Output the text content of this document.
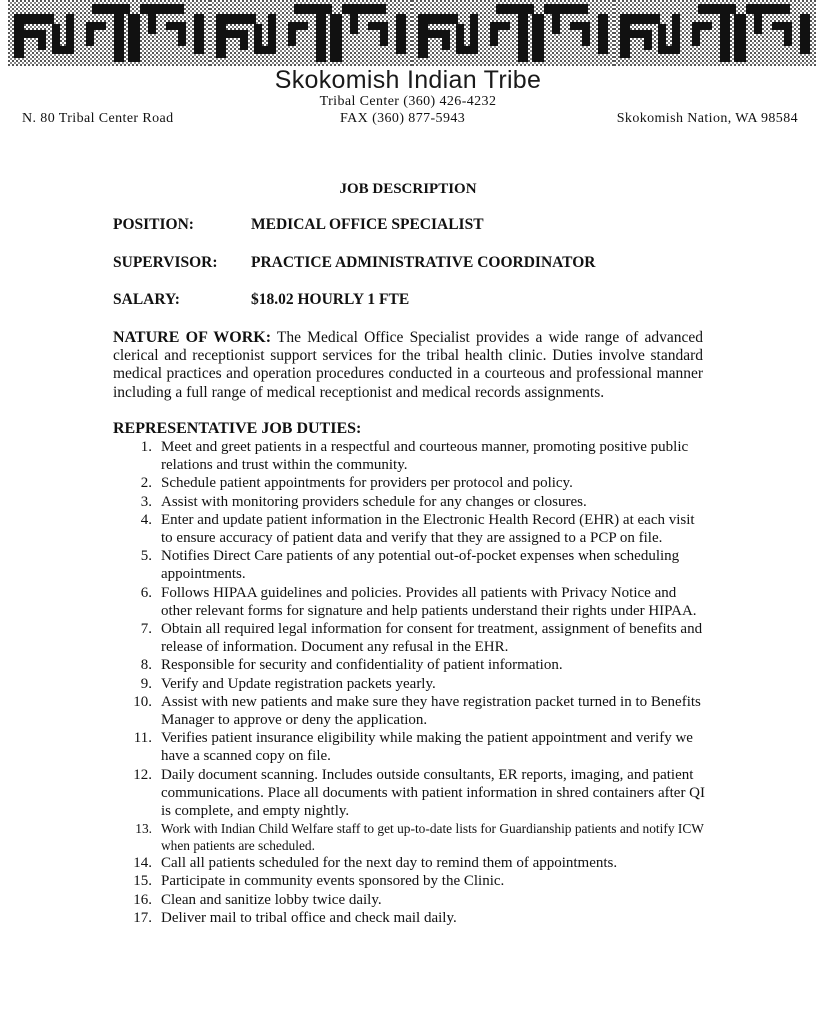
Skokomish Indian Tribe
Tribal Center (360) 426-4232
N. 80 Tribal Center Road	FAX (360) 877-5943	Skokomish Nation, WA 98584
JOB DESCRIPTION
POSITION:	MEDICAL OFFICE SPECIALIST
SUPERVISOR: PRACTICE ADMINISTRATIVE COORDINATOR
SALARY:	$18.02 HOURLY 1 FTE
NATURE OF WORK: The Medical Office Specialist provides a wide range of advanced clerical and receptionist support services for the tribal health clinic. Duties involve standard medical practices and operation procedures conducted in a courteous and professional manner including a full range of medical receptionist and medical records assignments.
REPRESENTATIVE JOB DUTIES:
1. Meet and greet patients in a respectful and courteous manner, promoting positive public relations and trust within the community.
2. Schedule patient appointments for providers per protocol and policy.
3. Assist with monitoring providers schedule for any changes or closures.
4. Enter and update patient information in the Electronic Health Record (EHR) at each visit to ensure accuracy of patient data and verify that they are assigned to a PCP on file.
5. Notifies Direct Care patients of any potential out-of-pocket expenses when scheduling appointments.
6. Follows HIPAA guidelines and policies. Provides all patients with Privacy Notice and other relevant forms for signature and help patients understand their rights under HIPAA.
7. Obtain all required legal information for consent for treatment, assignment of benefits and release of information. Document any refusal in the EHR.
8. Responsible for security and confidentiality of patient information.
9. Verify and Update registration packets yearly.
10. Assist with new patients and make sure they have registration packet turned in to Benefits Manager to approve or deny the application.
11. Verifies patient insurance eligibility while making the patient appointment and verify we have a scanned copy on file.
12. Daily document scanning. Includes outside consultants, ER reports, imaging, and patient communications. Place all documents with patient information in shred containers after QI is complete, and empty nightly.
13. Work with Indian Child Welfare staff to get up-to-date lists for Guardianship patients and notify ICW when patients are scheduled.
14. Call all patients scheduled for the next day to remind them of appointments.
15. Participate in community events sponsored by the Clinic.
16. Clean and sanitize lobby twice daily.
17. Deliver mail to tribal office and check mail daily.
